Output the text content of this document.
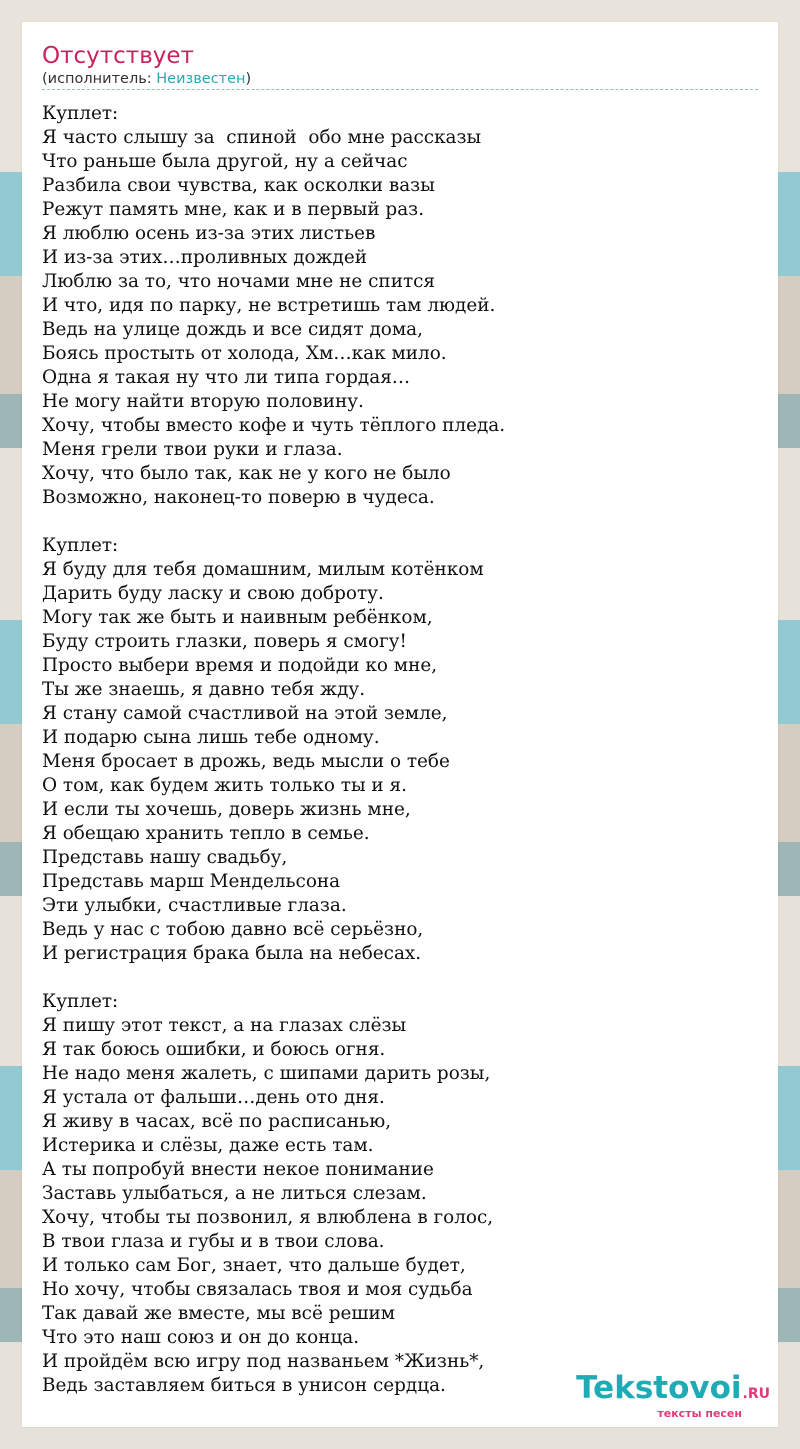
Отсутствует
(исполнитель: Неизвестен)
Куплет:
Я часто слышу за  спиной  обо мне рассказы
Что раньше была другой, ну а сейчас
Разбила свои чувства, как осколки вазы
Режут память мне, как и в первый раз.
Я люблю осень из-за этих листьев
И из-за этих…проливных дождей
Люблю за то, что ночами мне не спится
И что, идя по парку, не встретишь там людей.
Ведь на улице дождь и все сидят дома,
Боясь простыть от холода, Хм…как мило.
Одна я такая ну что ли типа гордая…
Не могу найти вторую половину.
Хочу, чтобы вместо кофе и чуть тёплого пледа.
Меня грели твои руки и глаза.
Хочу, что было так, как не у кого не было
Возможно, наконец-то поверю в чудеса.
Куплет:
Я буду для тебя домашним, милым котёнком
Дарить буду ласку и свою доброту.
Могу так же быть и наивным ребёнком,
Буду строить глазки, поверь я смогу!
Просто выбери время и подойди ко мне,
Ты же знаешь, я давно тебя жду.
Я стану самой счастливой на этой земле,
И подарю сына лишь тебе одному.
Меня бросает в дрожь, ведь мысли о тебе
О том, как будем жить только ты и я.
И если ты хочешь, доверь жизнь мне,
Я обещаю хранить тепло в семье.
Представь нашу свадьбу,
Представь марш Мендельсона
Эти улыбки, счастливые глаза.
Ведь у нас с тобою давно всё серьёзно,
И регистрация брака была на небесах.
Куплет:
Я пишу этот текст, а на глазах слёзы
Я так боюсь ошибки, и боюсь огня.
Не надо меня жалеть, с шипами дарить розы,
Я устала от фальши…день ото дня.
Я живу в часах, всё по расписанью,
Истерика и слёзы, даже есть там.
А ты попробуй внести некое понимание
Заставь улыбаться, а не литься слезам.
Хочу, чтобы ты позвонил, я влюблена в голос,
В твои глаза и губы и в твои слова.
И только сам Бог, знает, что дальше будет,
Но хочу, чтобы связалась твоя и моя судьба
Так давай же вместе, мы всё решим
Что это наш союз и он до конца.
И пройдём всю игру под названьем *Жизнь*,
Ведь заставляем биться в унисон сердца.	Tekstovoi.RU
тексты песен
